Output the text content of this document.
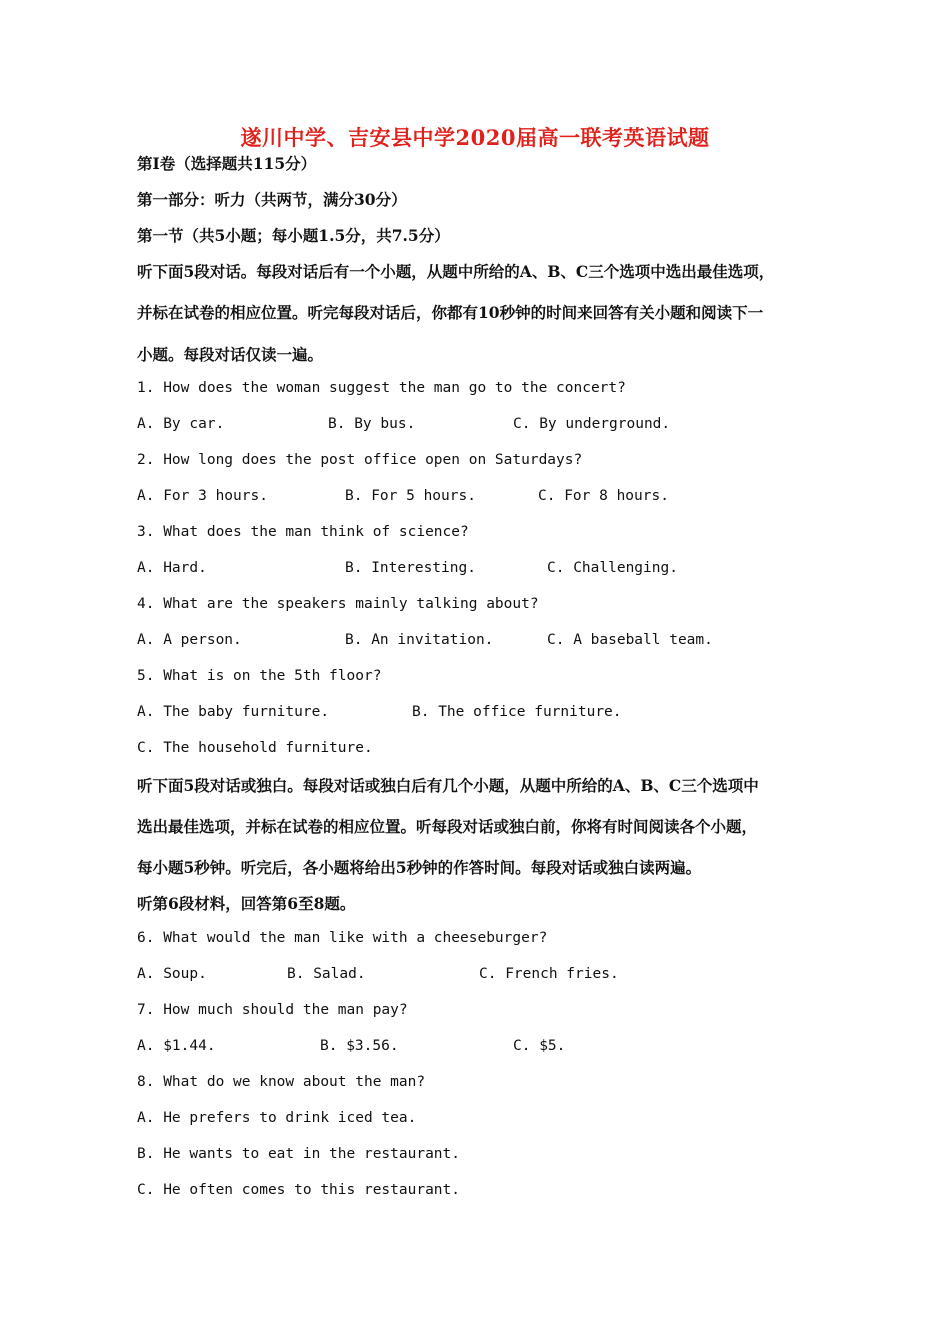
遂川中学、吉安县中学2020届高一联考英语试题
第Ⅰ卷（选择题共115分）
第一部分：听力（共两节，满分30分）
第一节（共5小题；每小题1.5分，共7.5分）
听下面5段对话。每段对话后有一个小题，从题中所给的A、B、C三个选项中选出最佳选项，
并标在试卷的相应位置。听完每段对话后，你都有10秒钟的时间来回答有关小题和阅读下一
小题。每段对话仅读一遍。
1. How does the woman suggest the man go to the concert?
A. By car.	B. By bus.	C. By underground.
2. How long does the post office open on Saturdays?
A. For 3 hours.	B. For 5 hours.	C. For 8 hours.
3. What does the man think of science?
A. Hard.	B. Interesting.	C. Challenging.
4. What are the speakers mainly talking about?
A. A person.	B. An invitation.	C. A baseball team.
5. What is on the 5th floor?
A. The baby furniture.	B. The office furniture.
C. The household furniture.
听下面5段对话或独白。每段对话或独白后有几个小题，从题中所给的A、B、C三个选项中
选出最佳选项，并标在试卷的相应位置。听每段对话或独白前，你将有时间阅读各个小题，
每小题5秒钟。听完后，各小题将给出5秒钟的作答时间。每段对话或独白读两遍。
听第6段材料，回答第6至8题。
6. What would the man like with a cheeseburger?
A. Soup.	B. Salad.	C. French fries.
7. How much should the man pay?
A. $1.44.	B. $3.56.	C. $5.
8. What do we know about the man?
A. He prefers to drink iced tea.
B. He wants to eat in the restaurant.
C. He often comes to this restaurant.
